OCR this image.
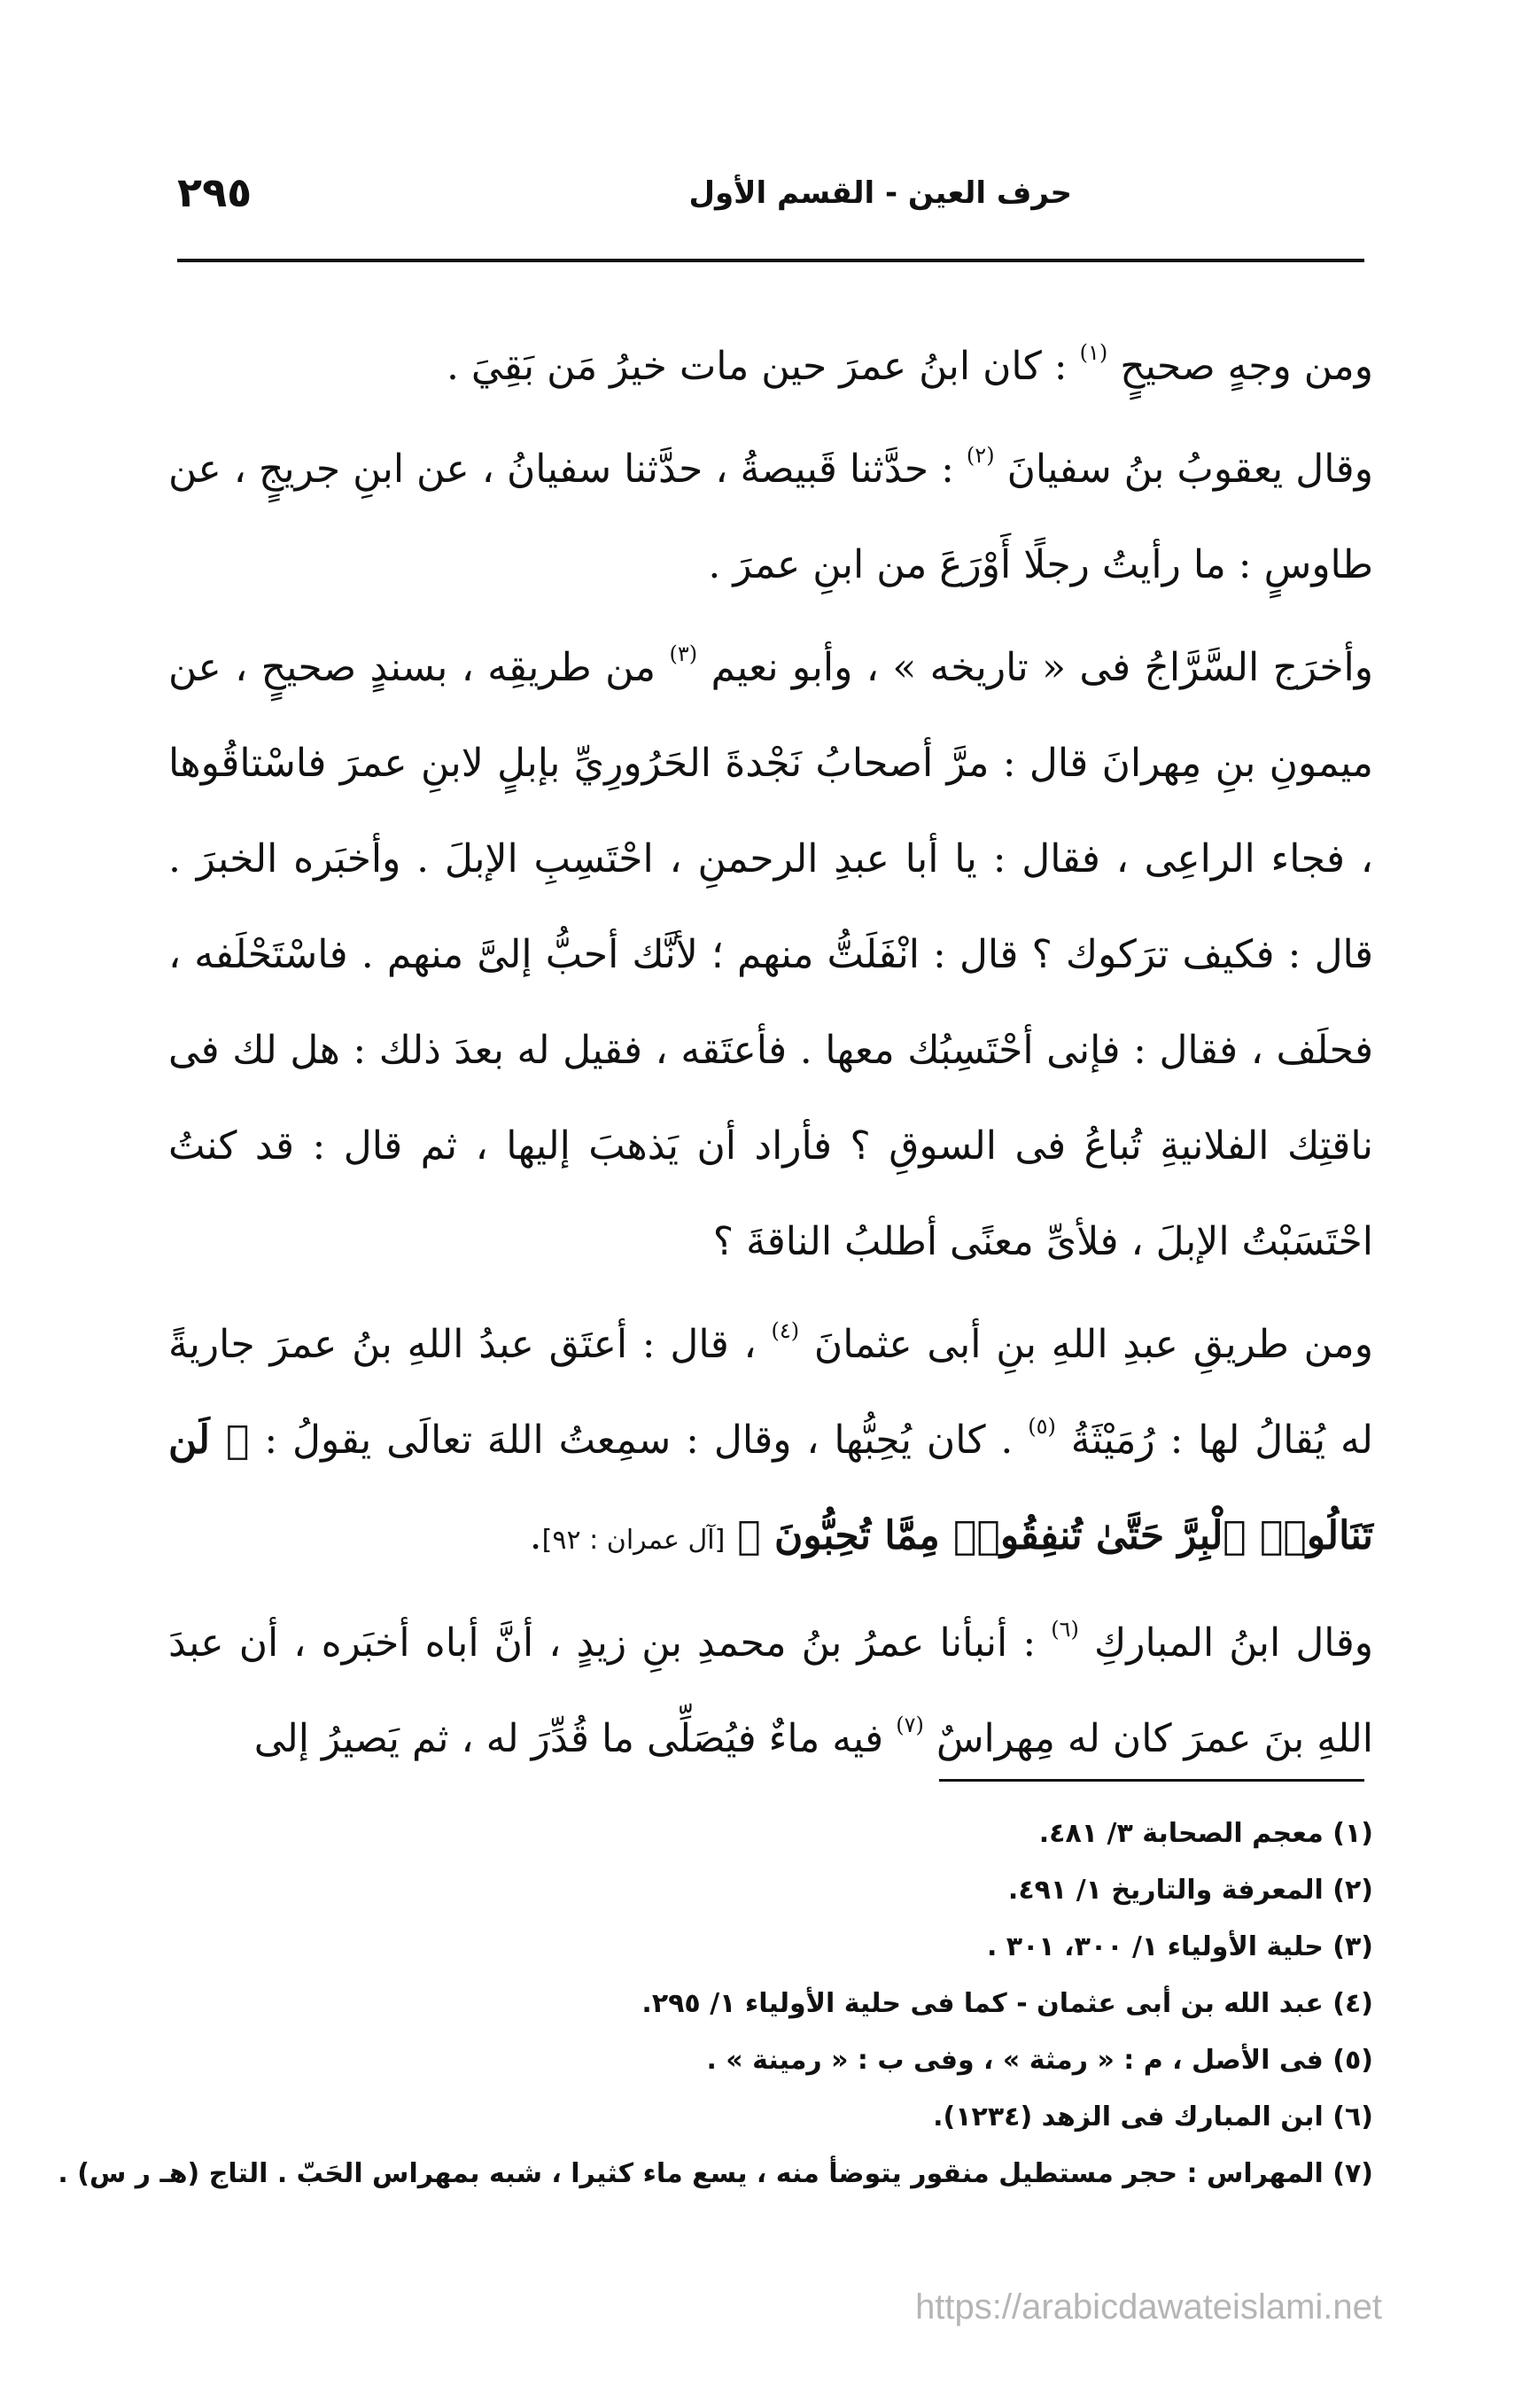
حرف العين - القسم الأول
٢٩٥

ومن وجهٍ صحيحٍ $^{(١)}$ : كان ابنُ عمرَ حين مات خيرُ مَن بَقِيَ .

وقال يعقوبُ بنُ سفيانَ $^{(٢)}$ : حدَّثنا قَبيصةُ ، حدَّثنا سفيانُ ، عن ابنِ جريجٍ ، عن طاوسٍ : ما رأيتُ رجلًا أَوْرَعَ من ابنِ عمرَ .

وأخرَج السَّرَّاجُ فى « تاريخه » ، وأبو نعيم $^{(٣)}$ من طريقِه ، بسندٍ صحيحٍ ، عن ميمونِ بنِ مِهرانَ قال : مرَّ أصحابُ نَجْدةَ الحَرُورِيِّ بإبلٍ لابنِ عمرَ فاسْتاقُوها ، فجاء الراعِى ، فقال : يا أبا عبدِ الرحمنِ ، احْتَسِبِ الإبلَ . وأخبَره الخبرَ . قال : فكيف ترَكوك ؟ قال : انْفَلَتُّ منهم ؛ لأنَّك أحبُّ إلىَّ منهم . فاسْتَحْلَفه ، فحلَف ، فقال : فإنى أحْتَسِبُك معها . فأعتَقه ، فقيل له بعدَ ذلك : هل لك فى ناقتِك الفلانيةِ تُباعُ فى السوقِ ؟ فأراد أن يَذهبَ إليها ، ثم قال : قد كنتُ احْتَسَبْتُ الإبلَ ، فلأىِّ معنًى أطلبُ الناقةَ ؟

ومن طريقِ عبدِ اللهِ بنِ أبى عثمانَ $^{(٤)}$ ، قال : أعتَق عبدُ اللهِ بنُ عمرَ جاريةً له يُقالُ لها : رُمَيْثَةُ $^{(٥)}$ . كان يُحِبُّها ، وقال : سمِعتُ اللهَ تعالَى يقولُ : ﴿ لَن تَنَالُوا۟ ٱلْبِرَّ حَتَّىٰ تُنفِقُوا۟ مِمَّا تُحِبُّونَ ﴾ [آل عمران : ٩٢].

وقال ابنُ المباركِ $^{(٦)}$ : أنبأنا عمرُ بنُ محمدِ بنِ زيدٍ ، أنَّ أباه أخبَره ، أن عبدَ اللهِ بنَ عمرَ كان له مِهراسٌ $^{(٧)}$ فيه ماءٌ فيُصَلِّى ما قُدِّرَ له ، ثم يَصيرُ إلى

(١) معجم الصحابة ٣/ ٤٨١.

(٢) المعرفة والتاريخ ١/ ٤٩١.

(٣) حلية الأولياء ١/ ٣٠٠، ٣٠١ .

(٤) عبد الله بن أبى عثمان - كما فى حلية الأولياء ١/ ٢٩٥.

(٥) فى الأصل ، م : « رمثة » ، وفى ب : « رمينة » .

(٦) ابن المبارك فى الزهد (١٢٣٤).

(٧) المهراس : حجر مستطيل منقور يتوضأ منه ، يسع ماء كثيرا ، شبه بمهراس الحَبّ . التاج (هـ ر س) .

https://arabicdawateislami.net
